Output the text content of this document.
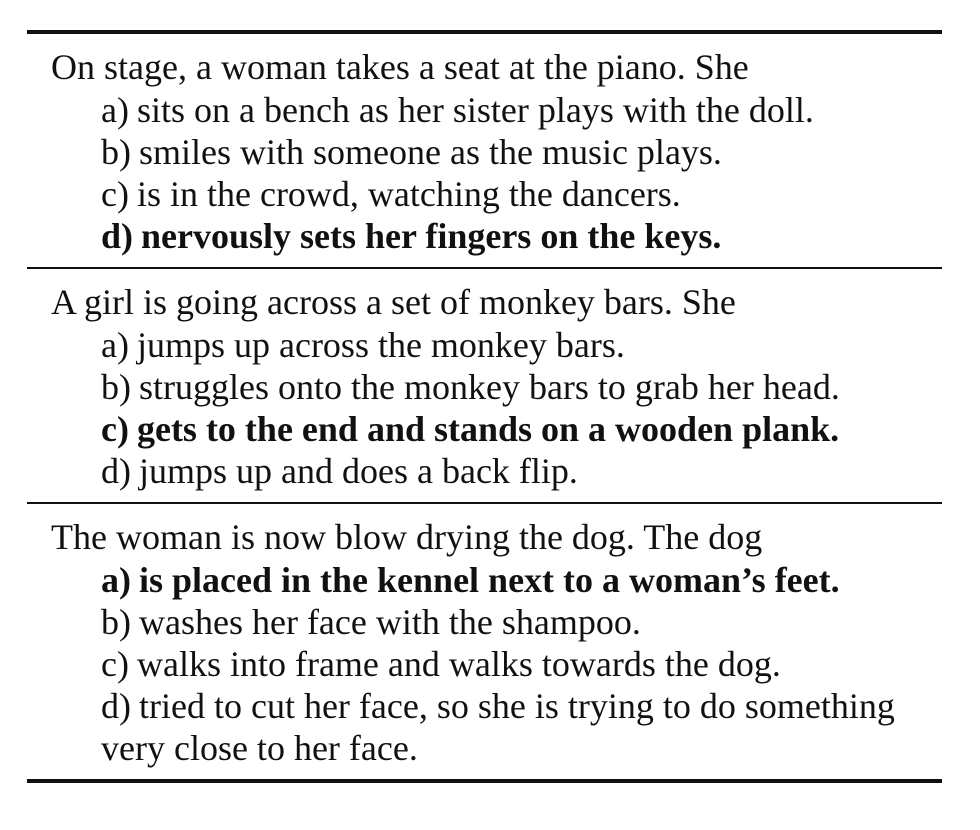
On stage, a woman takes a seat at the piano. She
a) sits on a bench as her sister plays with the doll.
b) smiles with someone as the music plays.
c) is in the crowd, watching the dancers.
d) nervously sets her fingers on the keys.
A girl is going across a set of monkey bars. She
a) jumps up across the monkey bars.
b) struggles onto the monkey bars to grab her head.
c) gets to the end and stands on a wooden plank.
d) jumps up and does a back flip.
The woman is now blow drying the dog. The dog
a) is placed in the kennel next to a woman’s feet.
b) washes her face with the shampoo.
c) walks into frame and walks towards the dog.
d) tried to cut her face, so she is trying to do something very close to her face.
